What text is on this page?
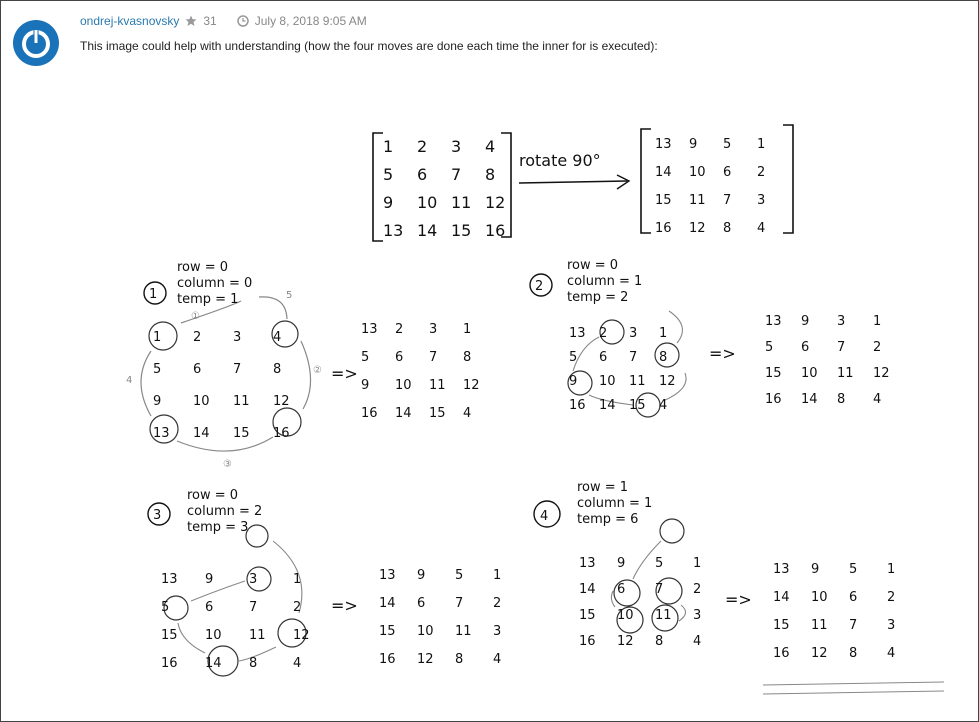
ondrej-kvasnovsky 31	July 8, 2018 9:05 AM
This image could help with understanding (how the four moves are done each time the inner for is executed):
rotate 90°
①
5
②
③
4
1 2 3 4
5 6 7 8
9 10 11 12
13 14 15 16
13 9 5 1
14 10 6 2
15 11 7 3
16 12 8 4
1
row = 0
column = 0
temp = 1
1 2 3 4
5 6 7 8
9 10 11 12
13 14 15 16
13 2 3 1
5 6 7 8
9 10 11 12
16 14 15 4
=>
2
row = 0
column = 1
temp = 2
13 2 3 1
5 6 7 8
9 10 11 12
16 14 15 4
13 9 3 1
5 6 7 2
15 10 11 12
16 14 8 4
=>
3
row = 0
column = 2
temp = 3
13 9	3	1
5	6	7	2
15 10 11 12
16 14 8	4
13 9 5 1
14 6 7 2
15 10 11 3
16 12 8 4
=>
4
row = 1
column = 1
temp = 6
13 9 5 1
14 6 7 2
15 10 11 3
16 12 8 4
13 9 5 1
14 10 6 2
15 11 7 3
16 12 8 4
=>
